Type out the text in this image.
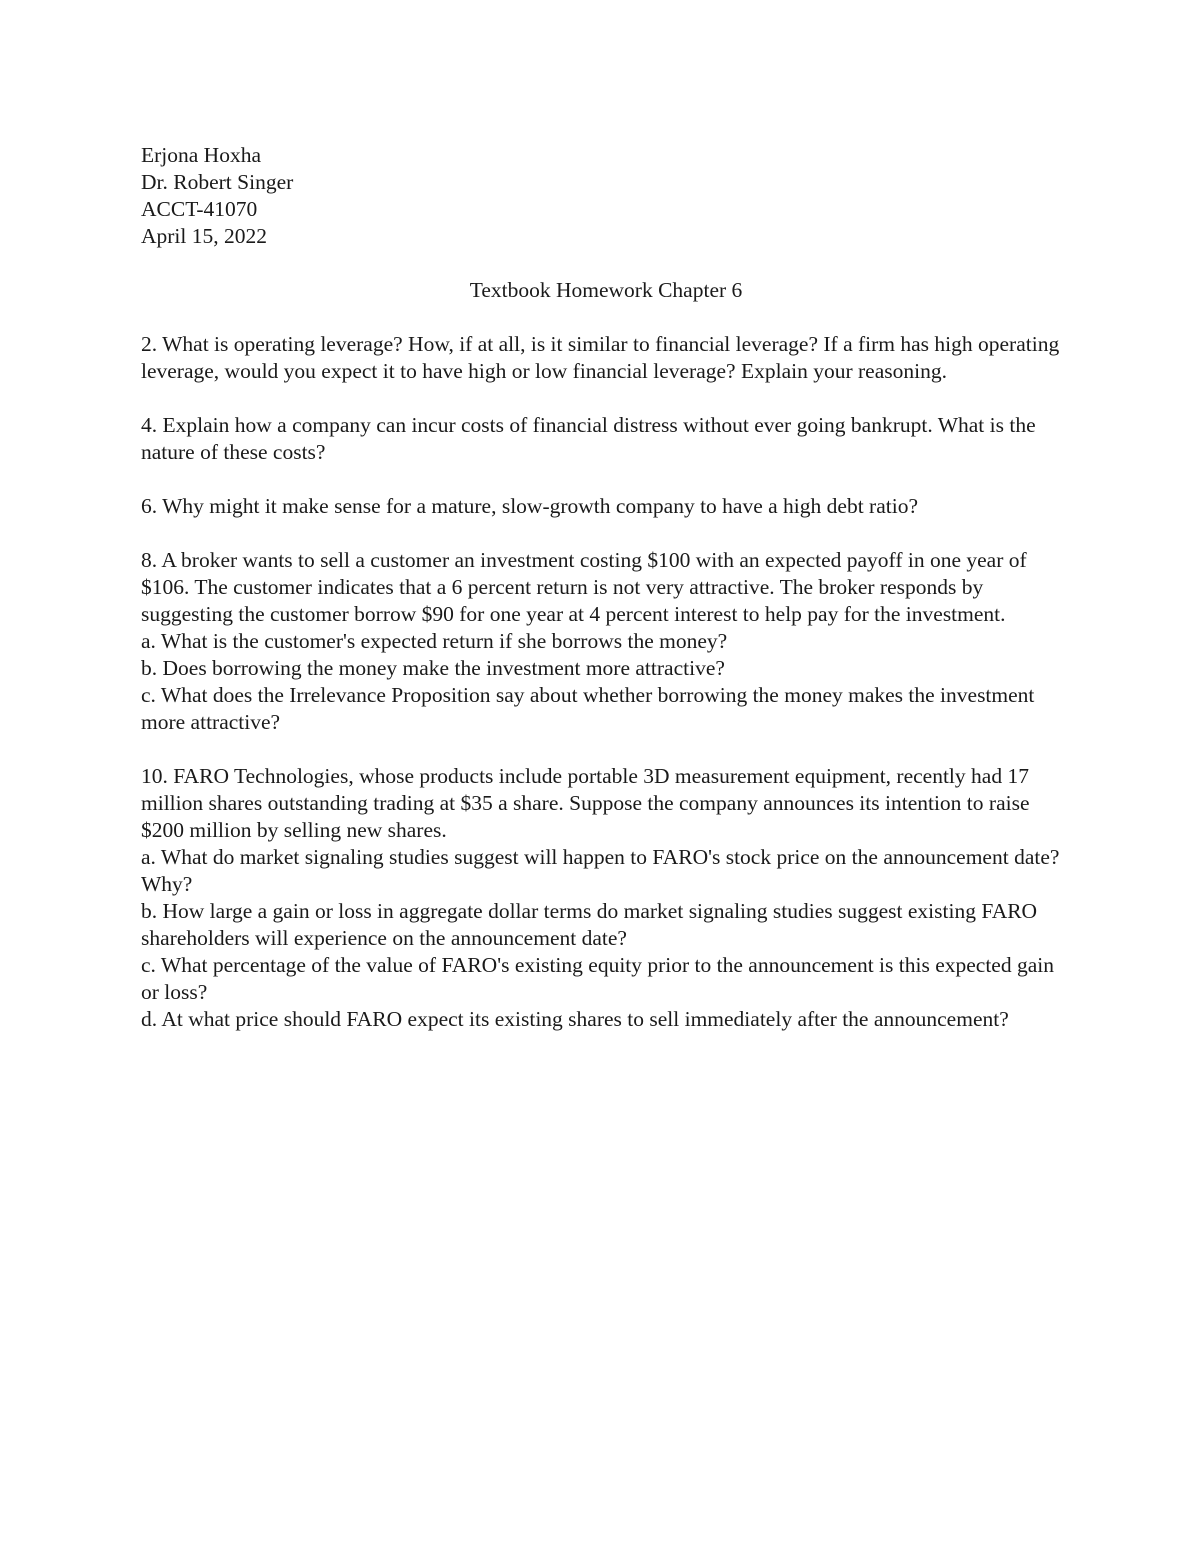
Erjona Hoxha
Dr. Robert Singer
ACCT-41070
April 15, 2022
Textbook Homework Chapter 6

2. What is operating leverage? How, if at all, is it similar to financial leverage? If a firm has high operating leverage, would you expect it to have high or low financial leverage? Explain your reasoning.

4. Explain how a company can incur costs of financial distress without ever going bankrupt. What is the nature of these costs?

6. Why might it make sense for a mature, slow-growth company to have a high debt ratio?

8. A broker wants to sell a customer an investment costing $100 with an expected payoff in one year of $106. The customer indicates that a 6 percent return is not very attractive. The broker responds by suggesting the customer borrow $90 for one year at 4 percent interest to help pay for the investment.

a. What is the customer's expected return if she borrows the money?

b. Does borrowing the money make the investment more attractive?

c. What does the Irrelevance Proposition say about whether borrowing the money makes the investment more attractive?

10. FARO Technologies, whose products include portable 3D measurement equipment, recently had 17 million shares outstanding trading at $35 a share. Suppose the company announces its intention to raise $200 million by selling new shares.

a. What do market signaling studies suggest will happen to FARO's stock price on the announcement date? Why?

b. How large a gain or loss in aggregate dollar terms do market signaling studies suggest existing FARO shareholders will experience on the announcement date?

c. What percentage of the value of FARO's existing equity prior to the announcement is this expected gain or loss?

d. At what price should FARO expect its existing shares to sell immediately after the announcement?
